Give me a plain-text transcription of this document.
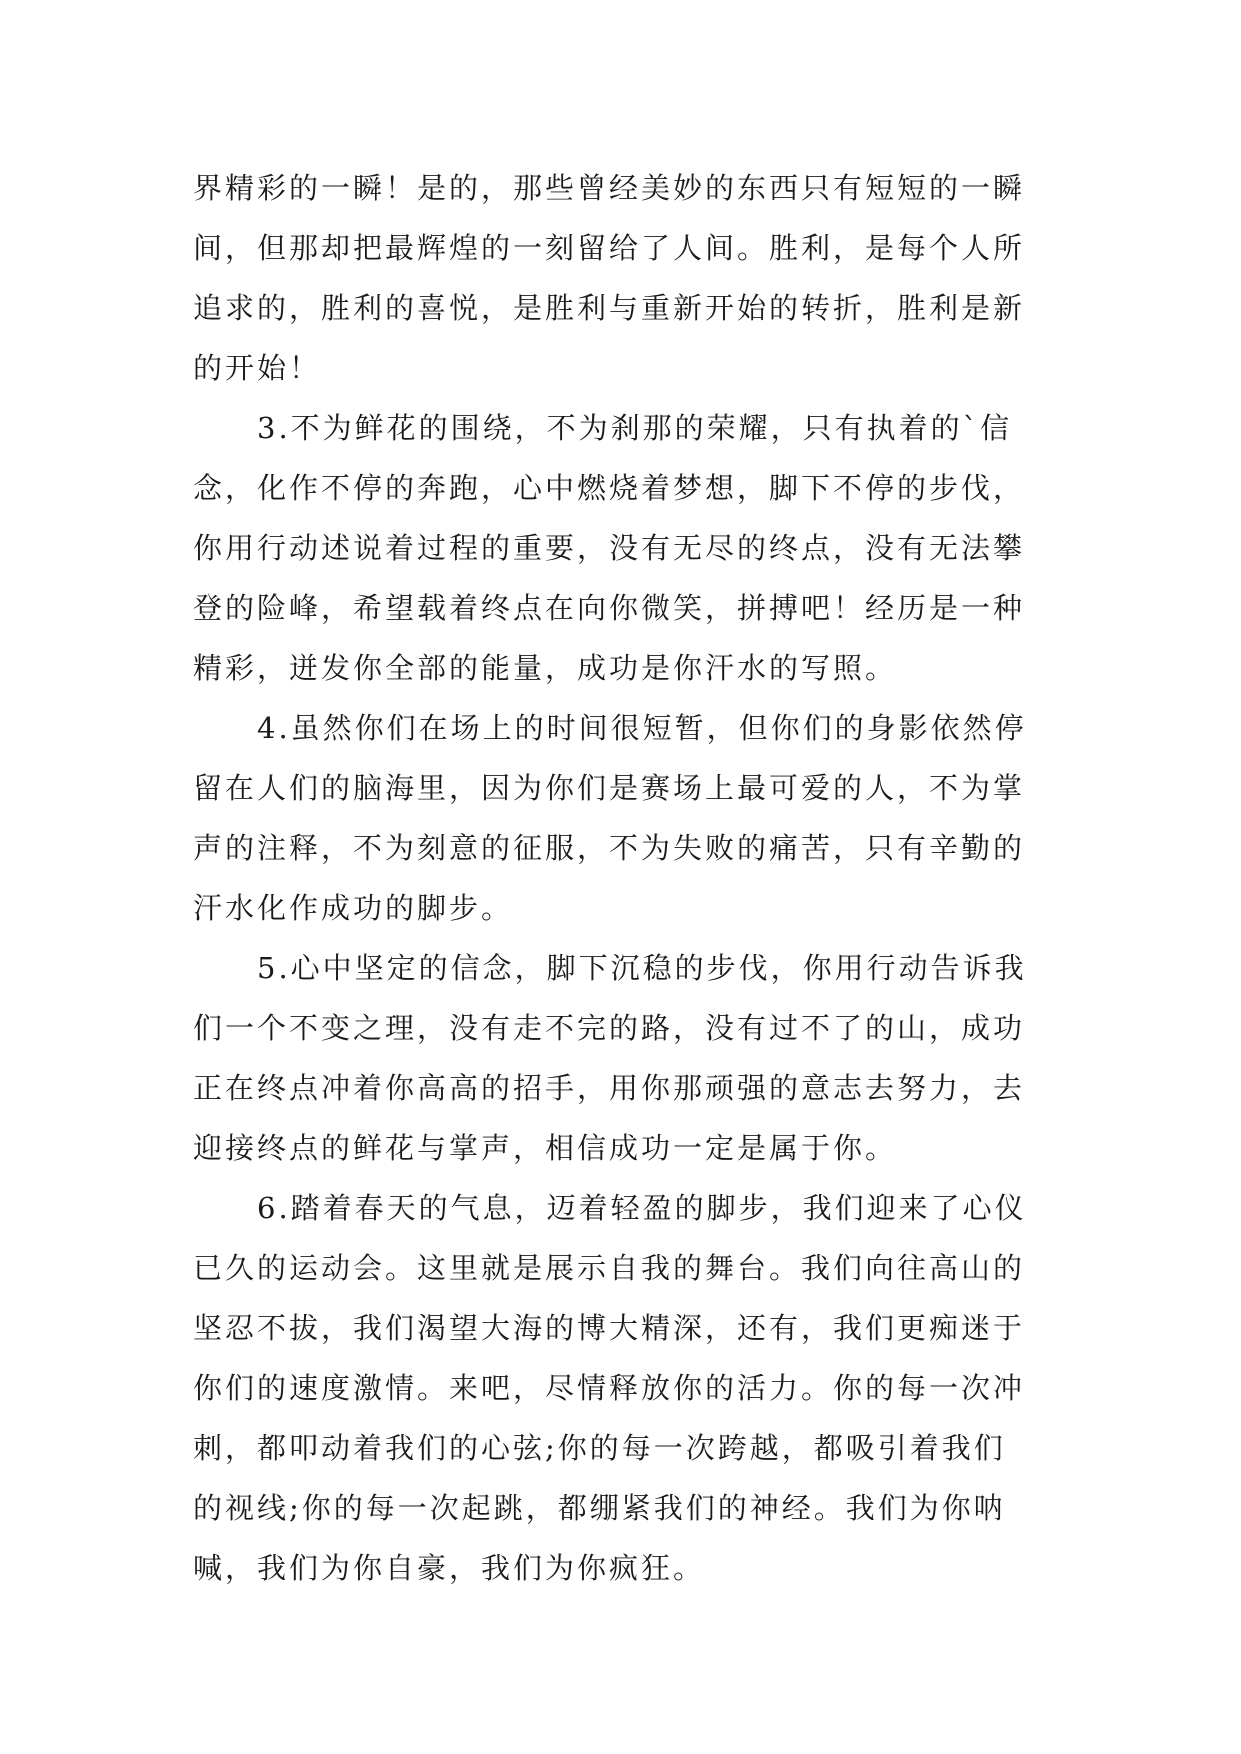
界精彩的一瞬！是的，那些曾经美妙的东西只有短短的一瞬
间，但那却把最辉煌的一刻留给了人间。胜利，是每个人所
追求的，胜利的喜悦，是胜利与重新开始的转折，胜利是新
的开始！
　　3.不为鲜花的围绕，不为刹那的荣耀，只有执着的`信
念，化作不停的奔跑，心中燃烧着梦想，脚下不停的步伐，
你用行动述说着过程的重要，没有无尽的终点，没有无法攀
登的险峰，希望载着终点在向你微笑，拼搏吧！经历是一种
精彩，迸发你全部的能量，成功是你汗水的写照。
　　4.虽然你们在场上的时间很短暂，但你们的身影依然停
留在人们的脑海里，因为你们是赛场上最可爱的人，不为掌
声的注释，不为刻意的征服，不为失败的痛苦，只有辛勤的
汗水化作成功的脚步。
　　5.心中坚定的信念，脚下沉稳的步伐，你用行动告诉我
们一个不变之理，没有走不完的路，没有过不了的山，成功
正在终点冲着你高高的招手，用你那顽强的意志去努力，去
迎接终点的鲜花与掌声，相信成功一定是属于你。
　　6.踏着春天的气息，迈着轻盈的脚步，我们迎来了心仪
已久的运动会。这里就是展示自我的舞台。我们向往高山的
坚忍不拔，我们渴望大海的博大精深，还有，我们更痴迷于
你们的速度激情。来吧，尽情释放你的活力。你的每一次冲
刺，都叩动着我们的心弦;你的每一次跨越，都吸引着我们
的视线;你的每一次起跳，都绷紧我们的神经。我们为你呐
喊，我们为你自豪，我们为你疯狂。
